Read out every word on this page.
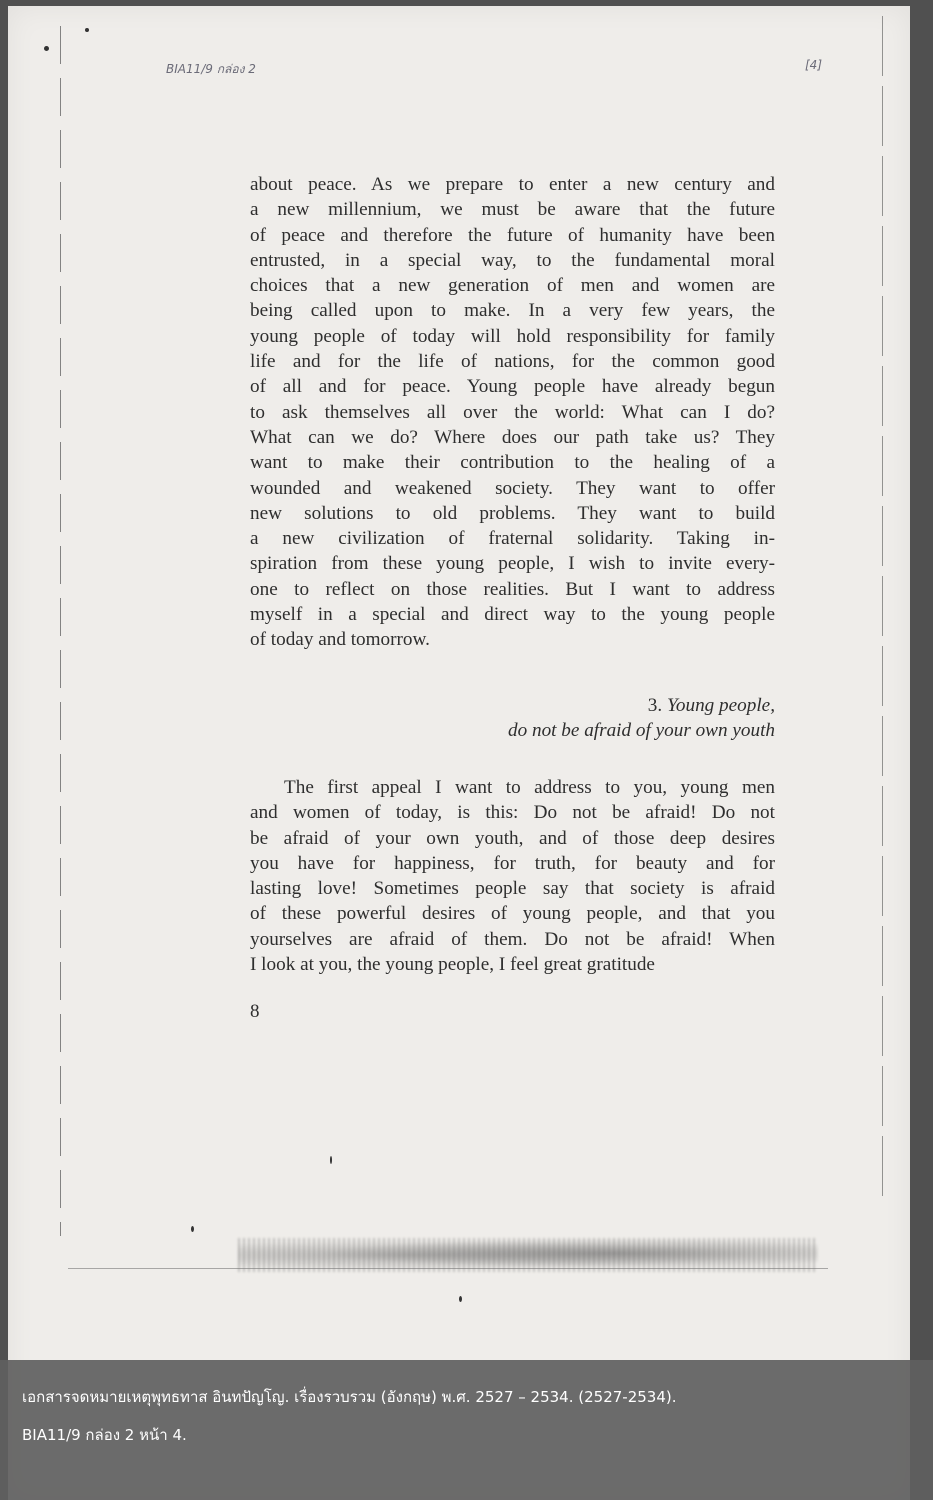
BIA11/9 กล่อง 2	[4]
about peace. As we prepare to enter a new century and
a new millennium, we must be aware that the future
of peace and therefore the future of humanity have been
entrusted, in a special way, to the fundamental moral
choices that a new generation of men and women are
being called upon to make. In a very few years, the
young people of today will hold responsibility for family
life and for the life of nations, for the common good
of all and for peace. Young people have already begun
to ask themselves all over the world: What can I do?
What can we do? Where does our path take us? They
want to make their contribution to the healing of a
wounded and weakened society. They want to offer
new solutions to old problems. They want to build
a new civilization of fraternal solidarity. Taking in-
spiration from these young people, I wish to invite every-
one to reflect on those realities. But I want to address
myself in a special and direct way to the young people
of today and tomorrow.
3. Young people,
do not be afraid of your own youth
The first appeal I want to address to you, young men
and women of today, is this: Do not be afraid! Do not
be afraid of your own youth, and of those deep desires
you have for happiness, for truth, for beauty and for
lasting love! Sometimes people say that society is afraid
of these powerful desires of young people, and that you
yourselves are afraid of them. Do not be afraid! When
I look at you, the young people, I feel great gratitude
8
เอกสารจดหมายเหตุพุทธทาส อินทปัญโญ. เรื่องรวบรวม (อังกฤษ) พ.ศ. 2527 – 2534. (2527-2534).
BIA11/9 กล่อง 2 หน้า 4.
